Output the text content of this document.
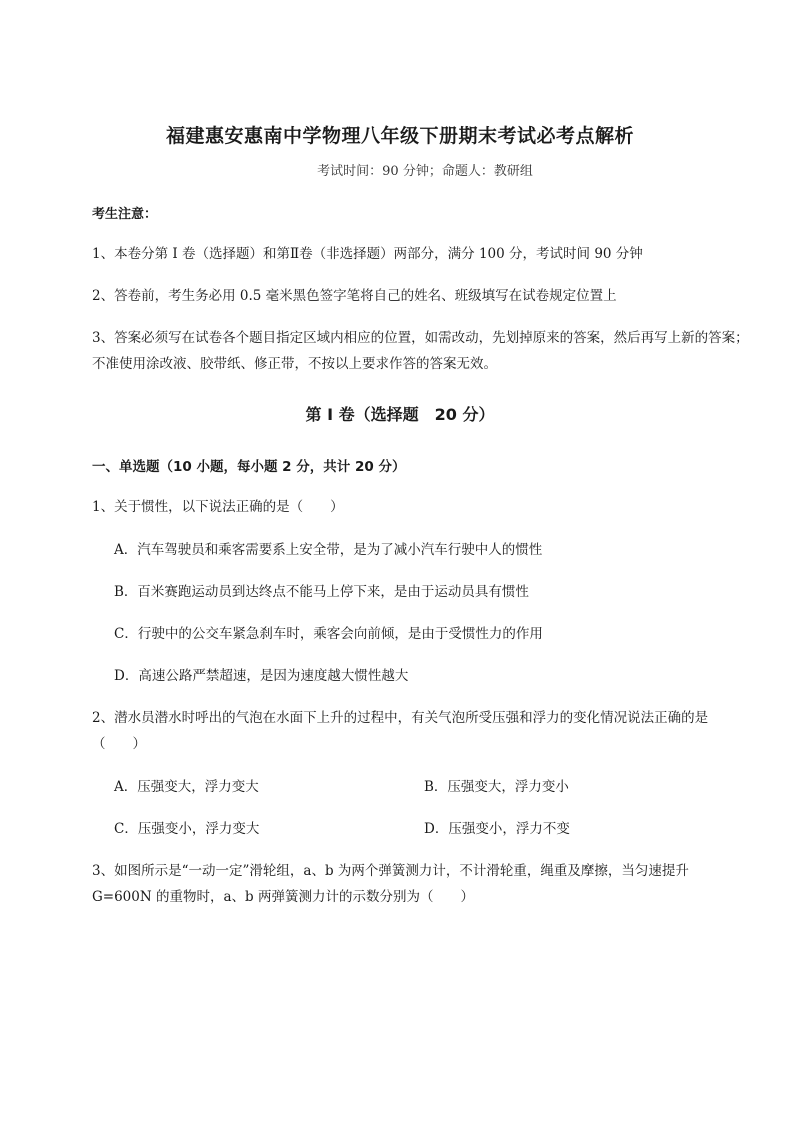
福建惠安惠南中学物理八年级下册期末考试必考点解析
考试时间：90 分钟；命题人：教研组
考生注意：
1、本卷分第 I 卷（选择题）和第Ⅱ卷（非选择题）两部分，满分 100 分，考试时间 90 分钟
2、答卷前，考生务必用 0.5 毫米黑色签字笔将自己的姓名、班级填写在试卷规定位置上
3、答案必须写在试卷各个题目指定区域内相应的位置，如需改动，先划掉原来的答案，然后再写上新的答案；不准使用涂改液、胶带纸、修正带，不按以上要求作答的答案无效。
第 I 卷（选择题　20 分）
一、单选题（10 小题，每小题 2 分，共计 20 分）
1、关于惯性，以下说法正确的是（　　）
A．汽车驾驶员和乘客需要系上安全带，是为了减小汽车行驶中人的惯性
B．百米赛跑运动员到达终点不能马上停下来，是由于运动员具有惯性
C．行驶中的公交车紧急刹车时，乘客会向前倾，是由于受惯性力的作用
D．高速公路严禁超速，是因为速度越大惯性越大
2、潜水员潜水时呼出的气泡在水面下上升的过程中，有关气泡所受压强和浮力的变化情况说法正确的是（　　）
A．压强变大，浮力变大	B．压强变大，浮力变小
C．压强变小，浮力变大	D．压强变小，浮力不变
3、如图所示是“一动一定”滑轮组，a、b 为两个弹簧测力计，不计滑轮重，绳重及摩擦，当匀速提升 G=600N 的重物时，a、b 两弹簧测力计的示数分别为（　　）
